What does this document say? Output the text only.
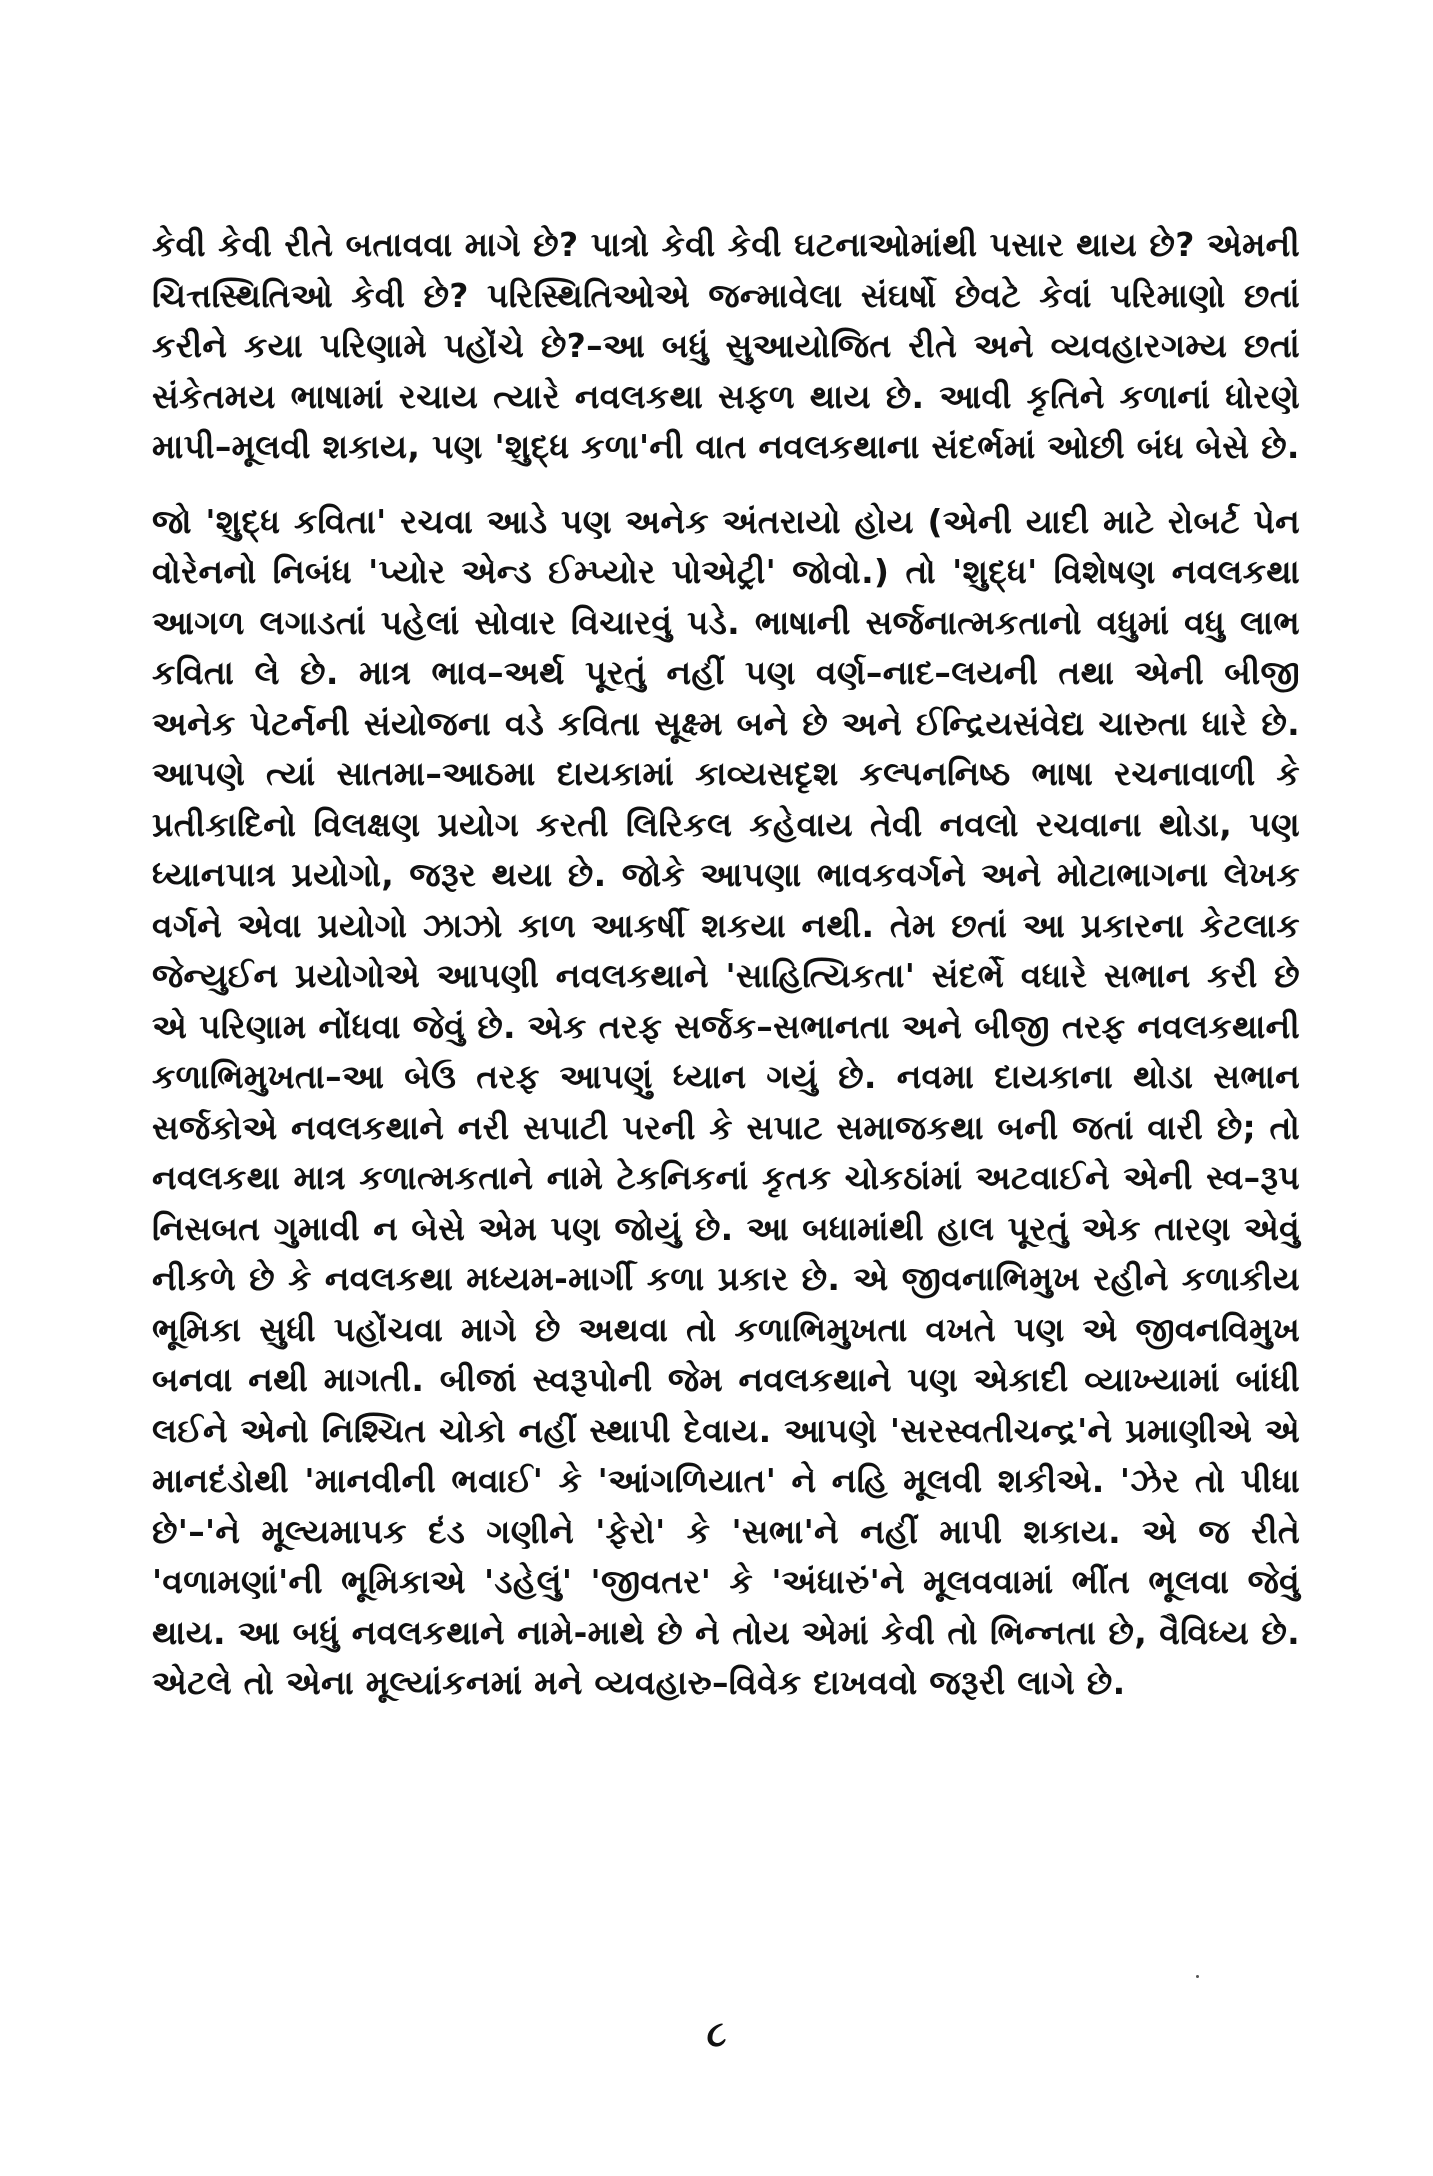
કેવી કેવી રીતે બતાવવા માગે છે? પાત્રો કેવી કેવી ઘટનાઓમાંથી પસાર થાય છે? એમની ચિત્તસ્થિતિઓ કેવી છે? પરિસ્થિતિઓએ જન્માવેલા સંઘર્ષો છેવટે કેવાં પરિમાણો છતાં કરીને કયા પરિણામે પહોંચે છે?–આ બધું સુઆયોજિત રીતે અને વ્યવહારગમ્ય છતાં સંકેતમય ભાષામાં રચાય ત્યારે નવલકથા સફળ થાય છે. આવી કૃતિને કળાનાં ધોરણે માપી–મૂલવી શકાય, પણ 'શુદ્ધ કળા'ની વાત નવલકથાના સંદર્ભમાં ઓછી બંધ બેસે છે.

જો 'શુદ્ધ કવિતા' રચવા આડે પણ અનેક અંતરાયો હોય (એની યાદી માટે રોબર્ટ પેન વોરેનનો નિબંધ 'પ્યોર એન્ડ ઈમ્પ્યોર પોએટ્રી' જોવો.) તો 'શુદ્ધ' વિશેષણ નવલકથા આગળ લગાડતાં પહેલાં સોવાર વિચારવું પડે. ભાષાની સર્જનાત્મકતાનો વધુમાં વધુ લાભ કવિતા લે છે. માત્ર ભાવ–અર્થ પૂરતું નહીં પણ વર્ણ–નાદ–લયની તથા એની બીજી અનેક પેટર્નની સંયોજના વડે કવિતા સૂક્ષ્મ બને છે અને ઈન્દ્રિયસંવેદ્ય ચારુતા ધારે છે. આપણે ત્યાં સાતમા–આઠમા દાયકામાં કાવ્યસદૃશ કલ્પનનિષ્ઠ ભાષા રચનાવાળી કે પ્રતીકાદિનો વિલક્ષણ પ્રયોગ કરતી લિરિકલ કહેવાય તેવી નવલો રચવાના થોડા, પણ ધ્યાનપાત્ર પ્રયોગો, જરૂર થયા છે. જોકે આપણા ભાવકવર્ગને અને મોટાભાગના લેખક વર્ગને એવા પ્રયોગો ઝાઝો કાળ આકર્ષી શકયા નથી. તેમ છતાં આ પ્રકારના કેટલાક જેન્યુઈન પ્રયોગોએ આપણી નવલકથાને 'સાહિત્યિકતા' સંદર્ભે વધારે સભાન કરી છે એ પરિણામ નોંધવા જેવું છે. એક તરફ સર્જક–સભાનતા અને બીજી તરફ નવલકથાની કળાભિમુખતા–આ બેઉ તરફ આપણું ધ્યાન ગયું છે. નવમા દાયકાના થોડા સભાન સર્જકોએ નવલકથાને નરી સપાટી પરની કે સપાટ સમાજકથા બની જતાં વારી છે; તો નવલકથા માત્ર કળાત્મકતાને નામે ટેકનિકનાં કૃતક ચોકઠાંમાં અટવાઈને એની સ્વ–રૂપ નિસબત ગુમાવી ન બેસે એમ પણ જોયું છે. આ બધામાંથી હાલ પૂરતું એક તારણ એવું નીકળે છે કે નવલકથા મધ્યમ-માર્ગી કળા પ્રકાર છે. એ જીવનાભિમુખ રહીને કળાકીય ભૂમિકા સુધી પહોંચવા માગે છે અથવા તો કળાભિમુખતા વખતે પણ એ જીવનવિમુખ બનવા નથી માગતી. બીજાં સ્વરૂપોની જેમ નવલકથાને પણ એકાદી વ્યાખ્યામાં બાંધી લઈને એનો નિશ્ચિત ચોકો નહીં સ્થાપી દેવાય. આપણે 'સરસ્વતીચન્દ્ર'ને પ્રમાણીએ એ માનદંડોથી 'માનવીની ભવાઈ' કે 'આંગળિયાત' ને નહિ મૂલવી શકીએ. 'ઝેર તો પીધા છે'–'ને મૂલ્યમાપક દંડ ગણીને 'ફેરો' કે 'સભા'ને નહીં માપી શકાય. એ જ રીતે 'વળામણાં'ની ભૂમિકાએ 'ડહેલું' 'જીવતર' કે 'અંધારું'ને મૂલવવામાં ભીંત ભૂલવા જેવું થાય. આ બધું નવલકથાને નામે-માથે છે ને તોય એમાં કેવી તો ભિન્નતા છે, વૈવિધ્ય છે. એટલે તો એના મૂલ્યાંકનમાં મને વ્યવહારુ–વિવેક દાખવવો જરૂરી લાગે છે.

૮
